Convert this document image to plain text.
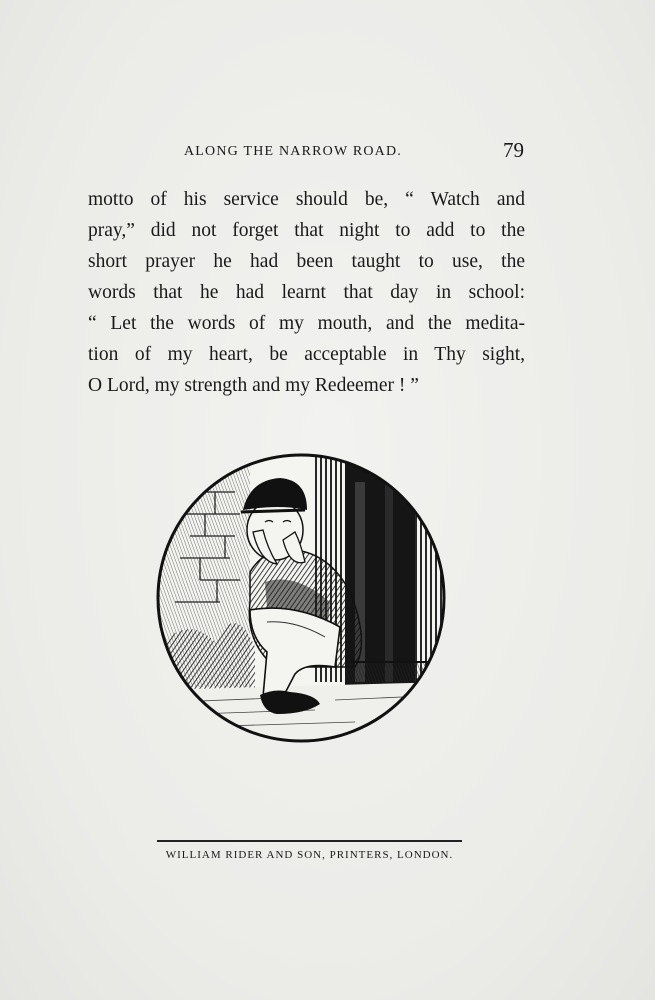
ALONG THE NARROW ROAD.	79
motto of his service should be, “ Watch and
pray,” did not forget that night to add to the
short prayer he had been taught to use, the
words that he had learnt that day in school:
“ Let the words of my mouth, and the medita-
tion of my heart, be acceptable in Thy sight,
O Lord, my strength and my Redeemer ! ”
WILLIAM RIDER AND SON, PRINTERS, LONDON.
